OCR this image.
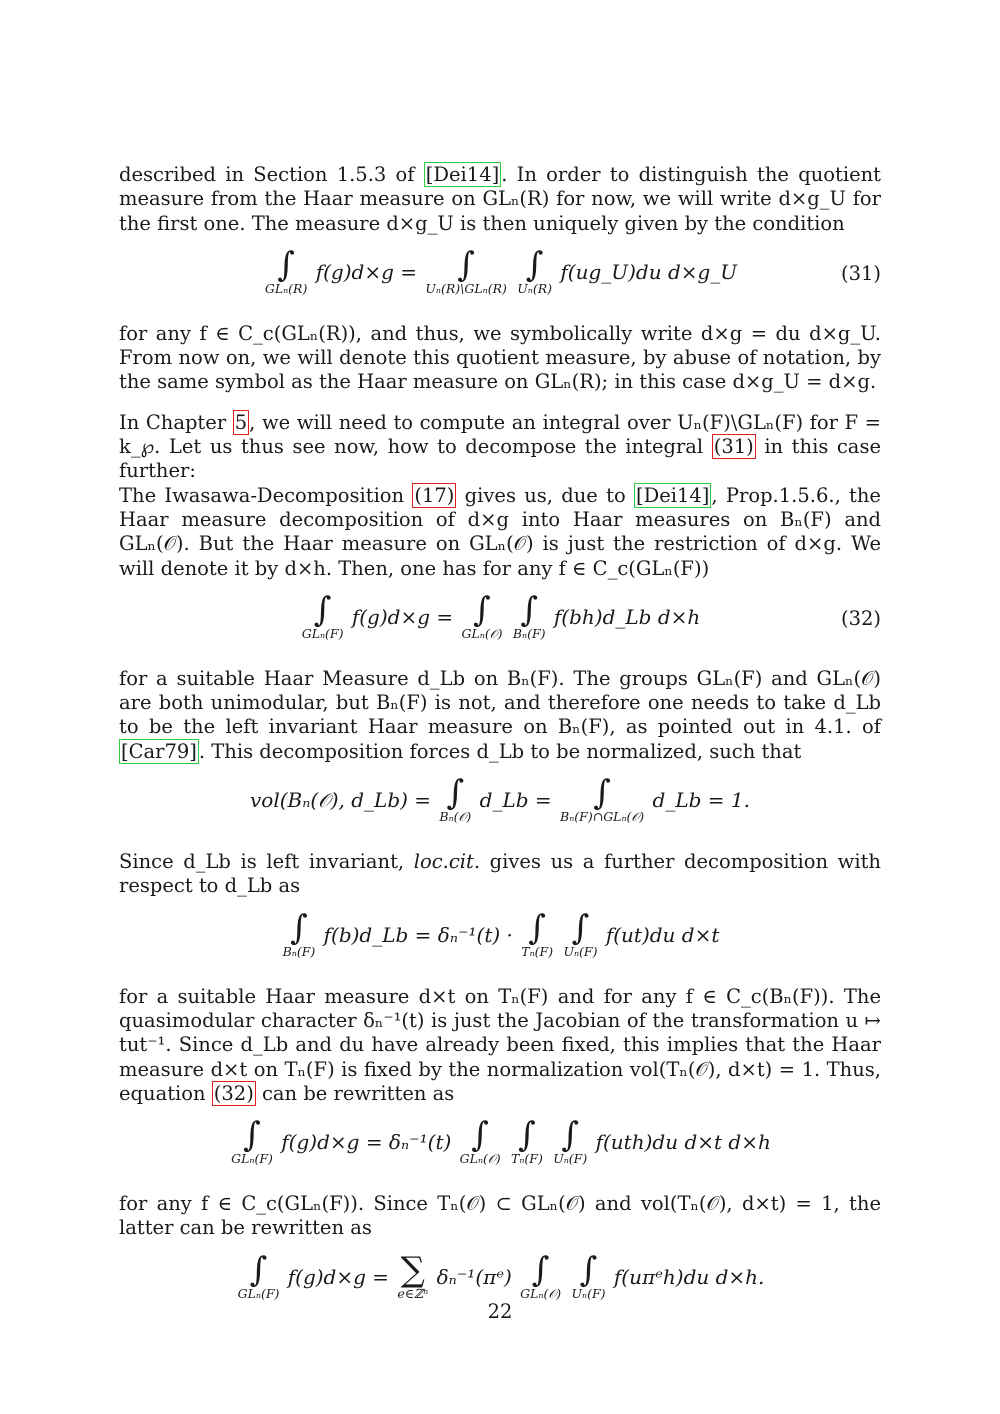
described in Section 1.5.3 of [Dei14] . In order to distinguish the quotient measure from the Haar measure on GLₙ(R) for now, we will write d×g_U for the first one. The measure d×g_U is then uniquely given by the condition

∫
GLₙ(R)
f(g)d×g =	∫
Uₙ(R)\GLₙ(R)

∫
Uₙ(R)
f(ug_U)du d×g_U	(31)

for any f ∈ C_c(GLₙ(R)), and thus, we symbolically write d×g = du d×g_U. From now on, we will denote this quotient measure, by abuse of notation, by the same symbol as the Haar measure on GLₙ(R); in this case d×g_U = d×g.

In Chapter 5 , we will need to compute an integral over Uₙ(F)\GLₙ(F) for F = k_℘. Let us thus see now, how to decompose the integral (31) in this case further:

The Iwasawa-Decomposition (17) gives us, due to [Dei14] , Prop.1.5.6., the Haar measure decomposition of d×g into Haar measures on Bₙ(F) and GLₙ(𝒪). But the Haar measure on GLₙ(𝒪) is just the restriction of d×g. We will denote it by d×h. Then, one has for any f ∈ C_c(GLₙ(F))

∫
GLₙ(F)
f(g)d×g = ∫
GLₙ(𝒪)

∫
Bₙ(F)
f(bh)d_Lb d×h	(32)

for a suitable Haar Measure d_Lb on Bₙ(F). The groups GLₙ(F) and GLₙ(𝒪) are both unimodular, but Bₙ(F) is not, and therefore one needs to take d_Lb to be the left invariant Haar measure on Bₙ(F), as pointed out in 4.1. of [Car79] . This decomposition forces d_Lb to be normalized, such that

vol(Bₙ(𝒪), d_Lb) = ∫
Bₙ(𝒪)
d_Lb =	∫
Bₙ(F)∩GLₙ(𝒪)
d_Lb = 1.

Since d_Lb is left invariant, loc.cit. gives us a further decomposition with respect to d_Lb as

∫
Bₙ(F)
f(b)d_Lb = δₙ⁻¹(t) · ∫
Tₙ(F)

∫
Uₙ(F)
f(ut)du d×t

for a suitable Haar measure d×t on Tₙ(F) and for any f ∈ C_c(Bₙ(F)). The quasimodular character δₙ⁻¹(t) is just the Jacobian of the transformation u ↦ tut⁻¹. Since d_Lb and du have already been fixed, this implies that the Haar measure d×t on Tₙ(F) is fixed by the normalization vol(Tₙ(𝒪), d×t) = 1. Thus, equation (32) can be rewritten as

∫
GLₙ(F)
f(g)d×g = δₙ⁻¹(t) ∫
GLₙ(𝒪)

∫
Tₙ(F)

∫
Uₙ(F)
f(uth)du d×t d×h

for any f ∈ C_c(GLₙ(F)). Since Tₙ(𝒪) ⊂ GLₙ(𝒪) and vol(Tₙ(𝒪), d×t) = 1, the latter can be rewritten as

∫
GLₙ(F)
f(g)d×g = ∑
e∈ℤⁿ
δₙ⁻¹(πᵉ) ∫
GLₙ(𝒪)

∫
Uₙ(F)
f(uπᵉh)du d×h.
22
